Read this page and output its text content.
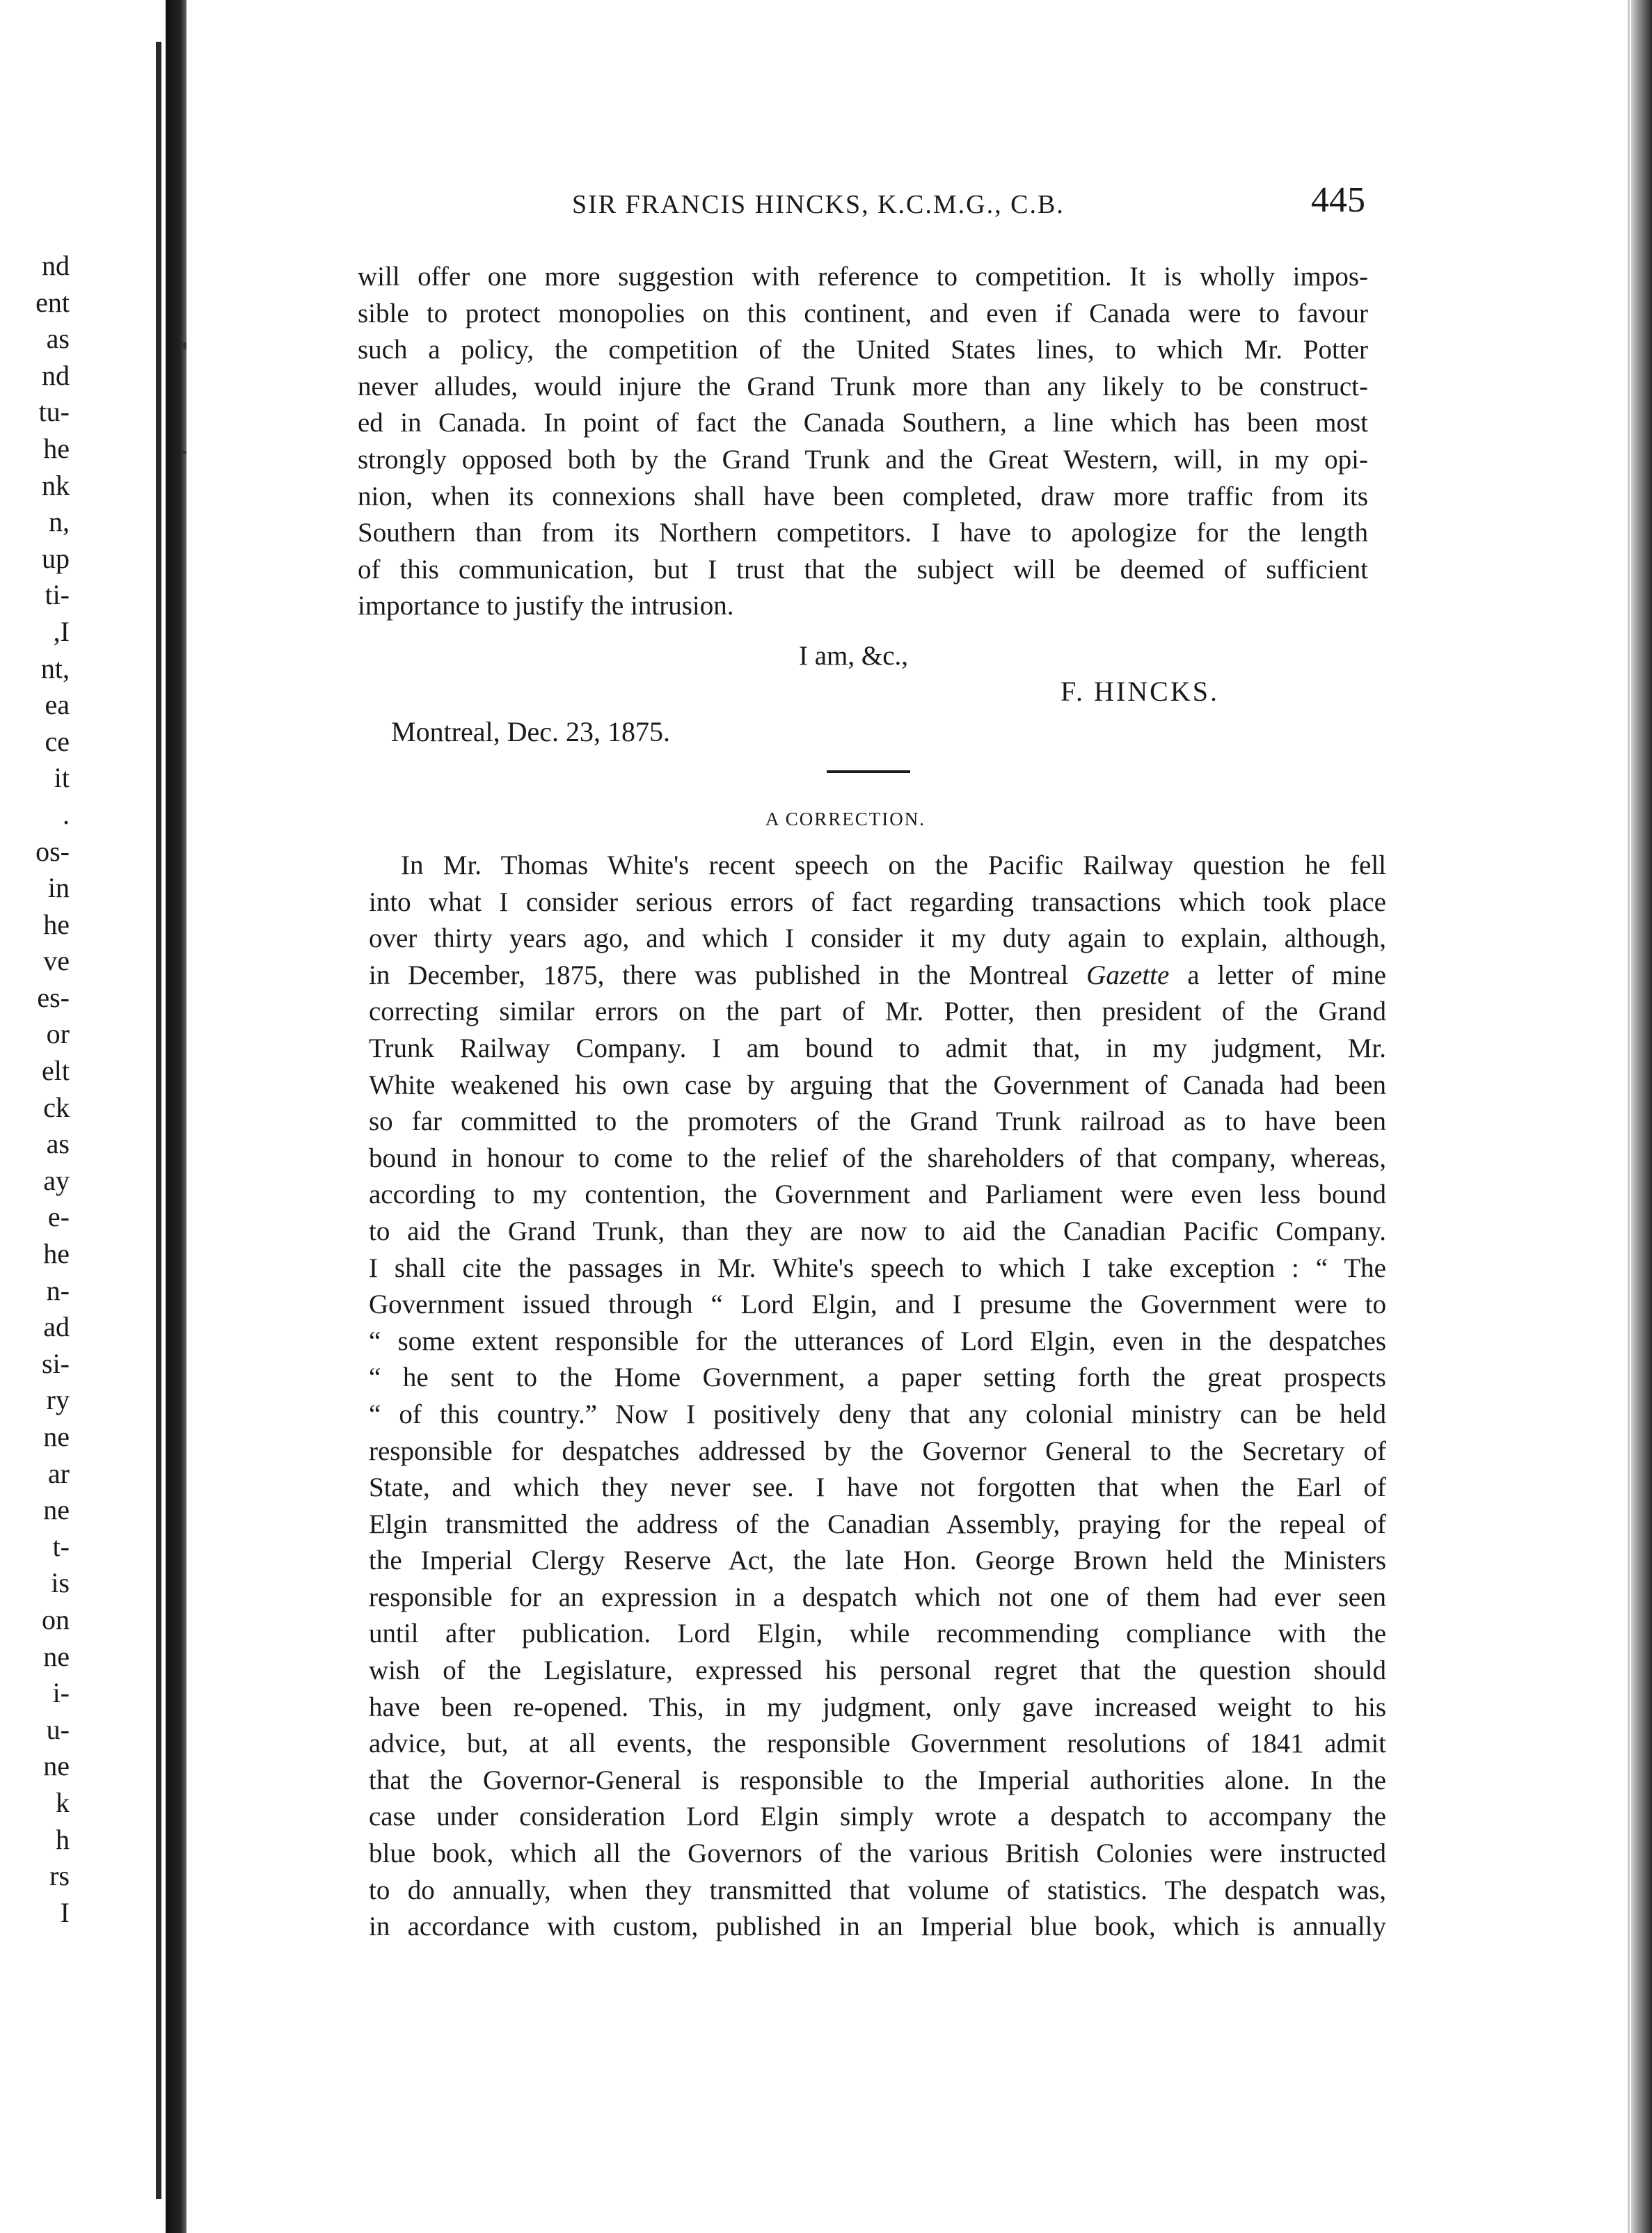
nd
ent
as
nd
tu-
he
nk
n,
up
ti-
,I
nt,
ea
ce
it
.
os-
in
he
ve
es-
or
elt
ck
as
ay
e-
he
n-
ad
si-
ry
ne
ar
ne
t-
is
on
ne
i-
u-
ne
k
h
rs
I
SIR FRANCIS HINCKS, K.C.M.G., C.B.	445
will offer one more suggestion with reference to competition. It is wholly impos-
sible to protect monopolies on this continent, and even if Canada were to favour
such a policy, the competition of the United States lines, to which Mr. Potter
never alludes, would injure the Grand Trunk more than any likely to be construct-
ed in Canada. In point of fact the Canada Southern, a line which has been most
strongly opposed both by the Grand Trunk and the Great Western, will, in my opi-
nion, when its connexions shall have been completed, draw more traffic from its
Southern than from its Northern competitors. I have to apologize for the length
of this communication, but I trust that the subject will be deemed of sufficient
importance to justify the intrusion.
I am, &c.,
F. HINCKS.
Montreal, Dec. 23, 1875.
A CORRECTION.
In Mr. Thomas White's recent speech on the Pacific Railway question he fell
into what I consider serious errors of fact regarding transactions which took place
over thirty years ago, and which I consider it my duty again to explain, although,
in December, 1875, there was published in the Montreal Gazette a letter of mine
correcting similar errors on the part of Mr. Potter, then president of the Grand
Trunk Railway Company. I am bound to admit that, in my judgment, Mr.
White weakened his own case by arguing that the Government of Canada had been
so far committed to the promoters of the Grand Trunk railroad as to have been
bound in honour to come to the relief of the shareholders of that company, whereas,
according to my contention, the Government and Parliament were even less bound
to aid the Grand Trunk, than they are now to aid the Canadian Pacific Company.
I shall cite the passages in Mr. White's speech to which I take exception : “ The
Government issued through “ Lord Elgin, and I presume the Government were to
“ some extent responsible for the utterances of Lord Elgin, even in the despatches
“ he sent to the Home Government, a paper setting forth the great prospects
“ of this country.” Now I positively deny that any colonial ministry can be held
responsible for despatches addressed by the Governor General to the Secretary of
State, and which they never see. I have not forgotten that when the Earl of
Elgin transmitted the address of the Canadian Assembly, praying for the repeal of
the Imperial Clergy Reserve Act, the late Hon. George Brown held the Ministers
responsible for an expression in a despatch which not one of them had ever seen
until after publication. Lord Elgin, while recommending compliance with the
wish of the Legislature, expressed his personal regret that the question should
have been re-opened. This, in my judgment, only gave increased weight to his
advice, but, at all events, the responsible Government resolutions of 1841 admit
that the Governor-General is responsible to the Imperial authorities alone. In the
case under consideration Lord Elgin simply wrote a despatch to accompany the
blue book, which all the Governors of the various British Colonies were instructed
to do annually, when they transmitted that volume of statistics. The despatch was,
in accordance with custom, published in an Imperial blue book, which is annually
